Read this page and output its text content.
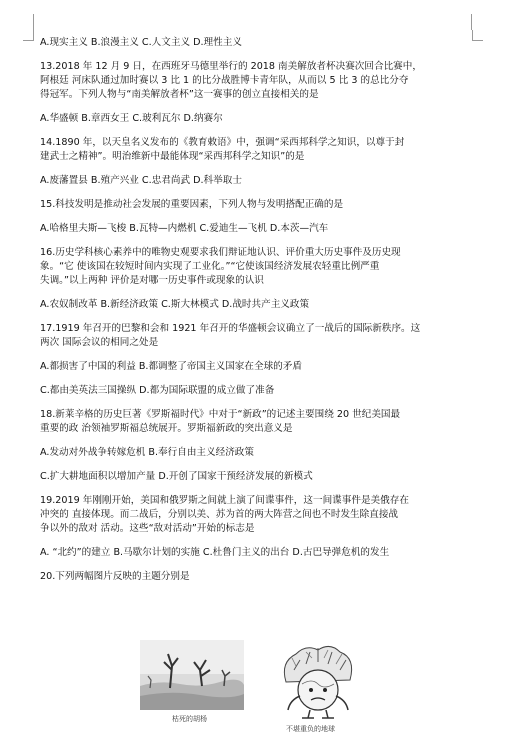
A.现实主义 B.浪漫主义 C.人文主义 D.理性主义

13.2018 年 12 月 9 日，在西班牙马德里举行的 2018 南美解放者杯决赛次回合比赛中，

阿根廷 河床队通过加时赛以 3 比 1 的比分战胜博卡青年队，从而以 5 比 3 的总比分夺

得冠军。下列人物与“南美解放者杯”这一赛事的创立直接相关的是

A.华盛顿 B.章西女王 C.玻利瓦尔 D.纳赛尔

14.1890 年，以天皇名义发布的《教育敕语》中，强调“采西邦科学之知识，以尊于封

建武士之精神”。明治维新中最能体现“采西邦科学之知识”的是

A.废藩置县 B.殖产兴业 C.忠君尚武 D.科举取士

15.科技发明是推动社会发展的重要因素，下列人物与发明搭配正确的是

A.哈格里夫斯—飞梭 B.瓦特—内燃机 C.爱迪生—飞机 D.本茨—汽车

16.历史学科核心素养中的唯物史观要求我们辩证地认识、评价重大历史事件及历史现

象。“它 使该国在较短时间内实现了工业化。”“它使该国经济发展农轻重比例严重

失调。”以上两种 评价是对哪一历史事件或现象的认识

A.农奴制改革 B.新经济政策 C.斯大林模式 D.战时共产主义政策

17.1919 年召开的巴黎和会和 1921 年召开的华盛顿会议确立了一战后的国际新秩序。这

两次 国际会议的相同之处是

A.都损害了中国的利益 B.都调整了帝国主义国家在全球的矛盾

C.都由美英法三国操纵 D.都为国际联盟的成立做了准备

18.新莱辛格的历史巨著《罗斯福时代》中对于“新政”的记述主要围绕 20 世纪美国最

重要的政 治领袖罗斯福总统展开。罗斯福新政的突出意义是

A.发动对外战争转嫁危机 B.奉行自由主义经济政策

C.扩大耕地面积以增加产量 D.开创了国家干预经济发展的新模式

19.2019 年刚刚开始，美国和俄罗斯之间就上演了间谍事件，这一间谍事件是美俄存在

冲突的 直接体现。而二战后，分别以美、苏为首的两大阵营之间也不时发生除直接战

争以外的敌对 活动。这些“敌对活动”开始的标志是

A. “北约”的建立 B.马歇尔计划的实施 C.杜鲁门主义的出台 D.古巴导弹危机的发生

20.下列两幅图片反映的主题分别是

枯死的胡杨
不堪重负的地球
